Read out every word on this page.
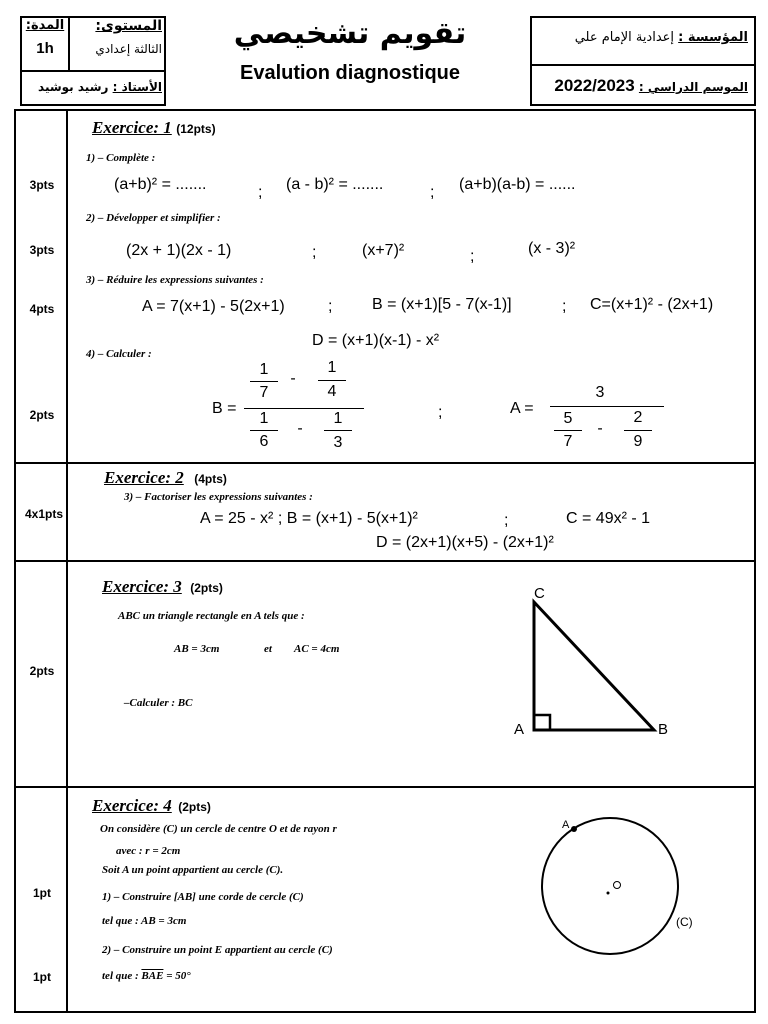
المدة:
1h
المستوى:
الثالثة إعدادي
الأستاذ : رشيد بوشيد
تقويم تشخيصي
Evalution diagnostique
المؤسسة : إعدادية الإمام علي
الموسم الدراسي : 2022/2023
Exercice: 1 (12pts)
1) – Complète :
3pts	(a+b)² = .......	; (a - b)² = .......	; (a+b)(a-b) = ......
2) – Développer et simplifier :
3pts	(2x + 1)(2x - 1)	;	(x+7)²	;	(x - 3)²
3) – Réduire les expressions suivantes :
4pts	A = 7(x+1) - 5(2x+1)	; B = (x+1)[5 - 7(x-1)]	; C=(x+1)² - (2x+1)
D = (x+1)(x-1) - x²
4) – Calculer :
2pts	B =
1
7
-
1
4
1
6
-
1
3
;	A =
3
5
7
-
2
9
Exercice: 2 (4pts)
4x1pts
3) – Factoriser les expressions suivantes :
A = 25 - x² ; B = (x+1) - 5(x+1)²	;	C = 49x² - 1
D = (2x+1)(x+5) - (2x+1)²
Exercice: 3 (2pts)
2pts
ABC un triangle rectangle en A tels que :
AB = 3cm	et AC = 4cm
–Calculer : BC
C
A	B
Exercice: 4 (2pts)
On considère (C) un cercle de centre O et de rayon r
avec : r = 2cm
Soit A un point appartient au cercle (C).
1) – Construire [AB] une corde de cercle (C)
1pt
tel que : AB = 3cm
2) – Construire un point E appartient au cercle (C)
1pt	tel que : $\overline{BAE} = 50^\circ$
A
(C)
